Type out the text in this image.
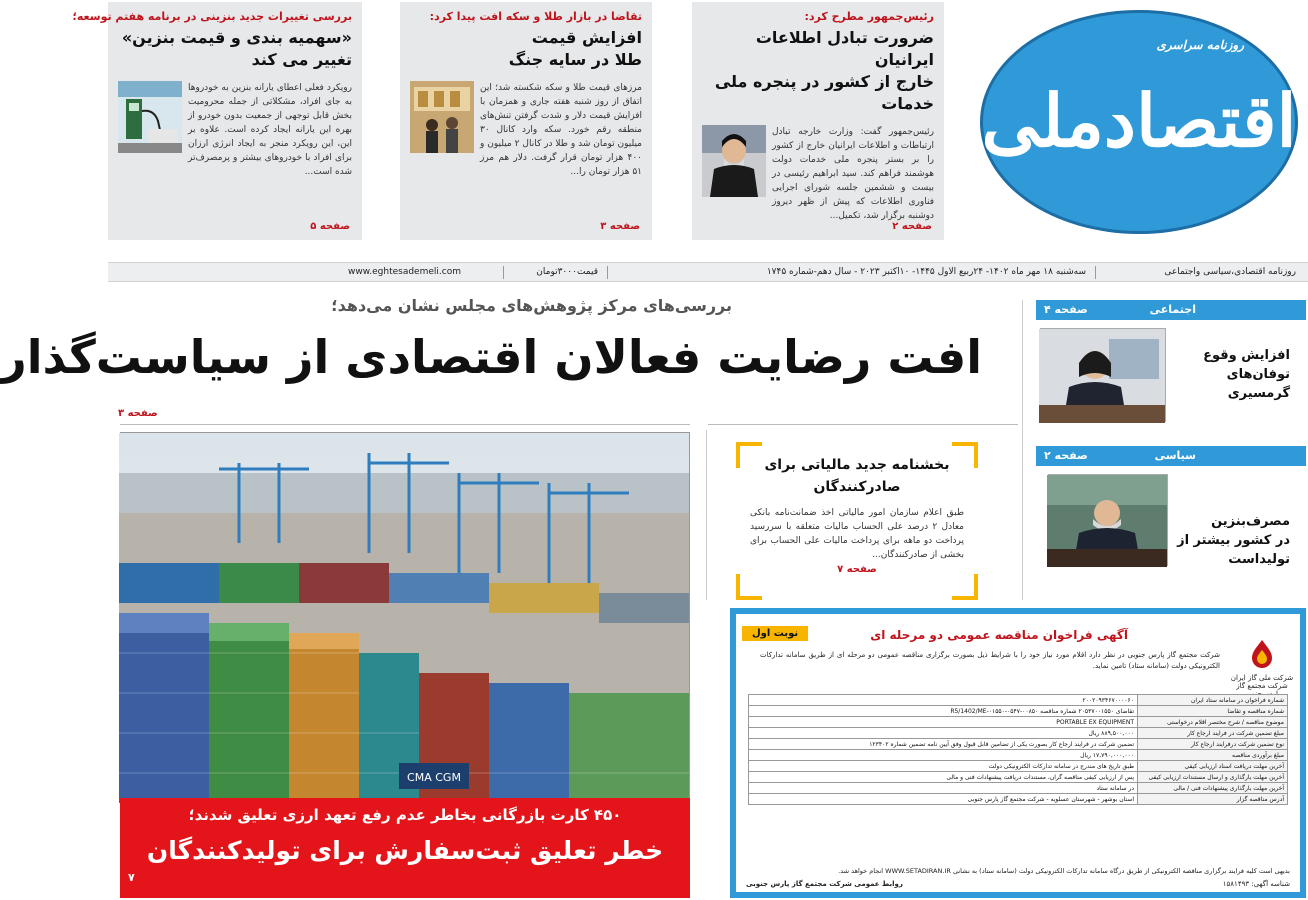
رئیس‌جمهور مطرح کرد:
ضرورت تبادل اطلاعات ایرانیان
خارج از کشور در پنجره ملی خدمات
رئیس‌جمهور گفت: وزارت خارجه تبادل ارتباطات و اطلاعات ایرانیان خارج از کشور را بر بستر پنجره ملی خدمات دولت هوشمند فراهم کند. سید ابراهیم رئیسی در بیست و ششمین جلسه شورای اجرایی فناوری اطلاعات که پیش از ظهر دیروز دوشنبه برگزار شد، تکمیل...
صفحه ۲
تقاضا در بازار طلا و سکه افت پیدا کرد:
افزایش قیمت
طلا در سایه جنگ
مرزهای قیمت طلا و سکه شکسته شد؛ این اتفاق از روز شنبه هفته جاری و همزمان با افزایش قیمت دلار و شدت گرفتن تنش‌های منطقه رقم خورد. سکه وارد کانال ۳۰ میلیون تومان شد و طلا در کانال ۲ میلیون و ۴۰۰ هزار تومان قرار گرفت. دلار هم مرز ۵۱ هزار تومان را...
صفحه ۳
بررسی تغییرات جدید بنزینی در برنامه هفتم توسعه؛
«سهمیه بندی و قیمت بنزین»
تغییر می کند
رویکرد فعلی اعطای یارانه بنزین به خودروها به جای افراد، مشکلاتی از جمله محرومیت بخش قابل توجهی از جمعیت بدون خودرو از بهره این یارانه ایجاد کرده است. علاوه بر این، این رویکرد منجر به ایجاد انرژی ارزان برای افراد با خودروهای بیشتر و پرمصرف‌تر شده است...
صفحه ۵
روزنامه سراسری
اقتصادملی
روزنامه اقتصادی،سیاسی واجتماعی
سه‌شنبه ۱۸ مهر ماه ۱۴۰۲- ۲۴ربیع الاول ۱۴۴۵- ۱۰اکتبر ۲۰۲۳ - سال دهم-شماره ۱۷۴۵
قیمت۳۰۰۰تومان
www.eghtesademeli.com
بررسی‌های مرکز پژوهش‌های مجلس نشان می‌دهد؛
افت رضایت فعالان اقتصادی از سیاست‌گذار
صفحه ۳
CMA CGM
۴۵۰ کارت بازرگانی بخاطر عدم رفع تعهد ارزی تعلیق شدند؛
خطر تعلیق ثبت‌سفارش برای تولیدکنندگان
۷
بخشنامه جدید مالیاتی برای
صادرکنندگان
طبق اعلام سازمان امور مالیاتی اخذ ضمانت‌نامه بانکی معادل ۲ درصد علی الحساب مالیات متعلقه با سررسید پرداخت دو ماهه برای پرداخت مالیات علی الحساب برای بخشی از صادرکنندگان...
صفحه ۷
اجتماعی
صفحه ۴
افزایش وقوع
توفان‌های
گرمسیری
سیاسی
صفحه ۲
مصرف‌بنزین
در کشور بیشتر از
تولیداست
آگهی فراخوان مناقصه عمومی دو مرحله ای
نوبت اول
شرکت ملی گاز ایران شرکت مجتمع گاز
شرکت مجتمع گاز پارس جنوبی در نظر دارد اقلام مورد نیاز خود را با شرایط ذیل بصورت برگزاری مناقصه عمومی دو مرحله ای از طریق سامانه تدارکات الکترونیکی دولت (سامانه ستاد) تامین نماید.
شماره فراخوان در سامانه ستاد ایران	۲۰۰۲۰۹۳۴۶۷۰۰۰۰۶۰
شماره مناقصه و تقاضا	تقاضای ۲۰۵۳۷۰۰۱۵۵۰ شماره مناقصه ۰۰۸۵۰-۰۵۴۷-۰۱۵۵۰-R5/1402/ME
موضوع مناقصه / شرح مختصر اقلام درخواستی	PORTABLE EX EQUIPMENT
مبلغ تضمین شرکت در فرایند ارجاع کار	۸۸۹,۵۰۰,۰۰۰ ریال
نوع تضمین شرکت درفرایند ارجاع کار	تضمین شرکت در فرایند ارجاع کار بصورت یکی از تضامین قابل قبول وفق آیین نامه تضمین شماره ۱۲۳۴۰۲
مبلغ برآوردی مناقصه	۱۷,۷۹۰,۰۰۰,۰۰۰ ریال
آخرین مهلت دریافت اسناد ارزیابی کیفی	طبق تاریخ های مندرج در سامانه تدارکات الکترونیکی دولت
آخرین مهلت بارگذاری و ارسال مستندات ارزیابی کیفی	پس از ارزیابی کیفی مناقصه گران، مستندات دریافت پیشنهادات فنی و مالی
آخرین مهلت بارگذاری پیشنهادات فنی / مالی	در سامانه ستاد
آدرس مناقصه گزار	استان بوشهر - شهرستان عسلویه - شرکت مجتمع گاز پارس جنوبی
بدیهی است کلیه فرایند برگزاری مناقصه الکترونیکی از طریق درگاه سامانه تدارکات الکترونیکی دولت (سامانه ستاد) به نشانی WWW.SETADIRAN.IR انجام خواهد شد.
روابط عمومی شرکت مجتمع گاز پارس جنوبی	شناسه آگهی: ۱۵۸۱۴۹۳
